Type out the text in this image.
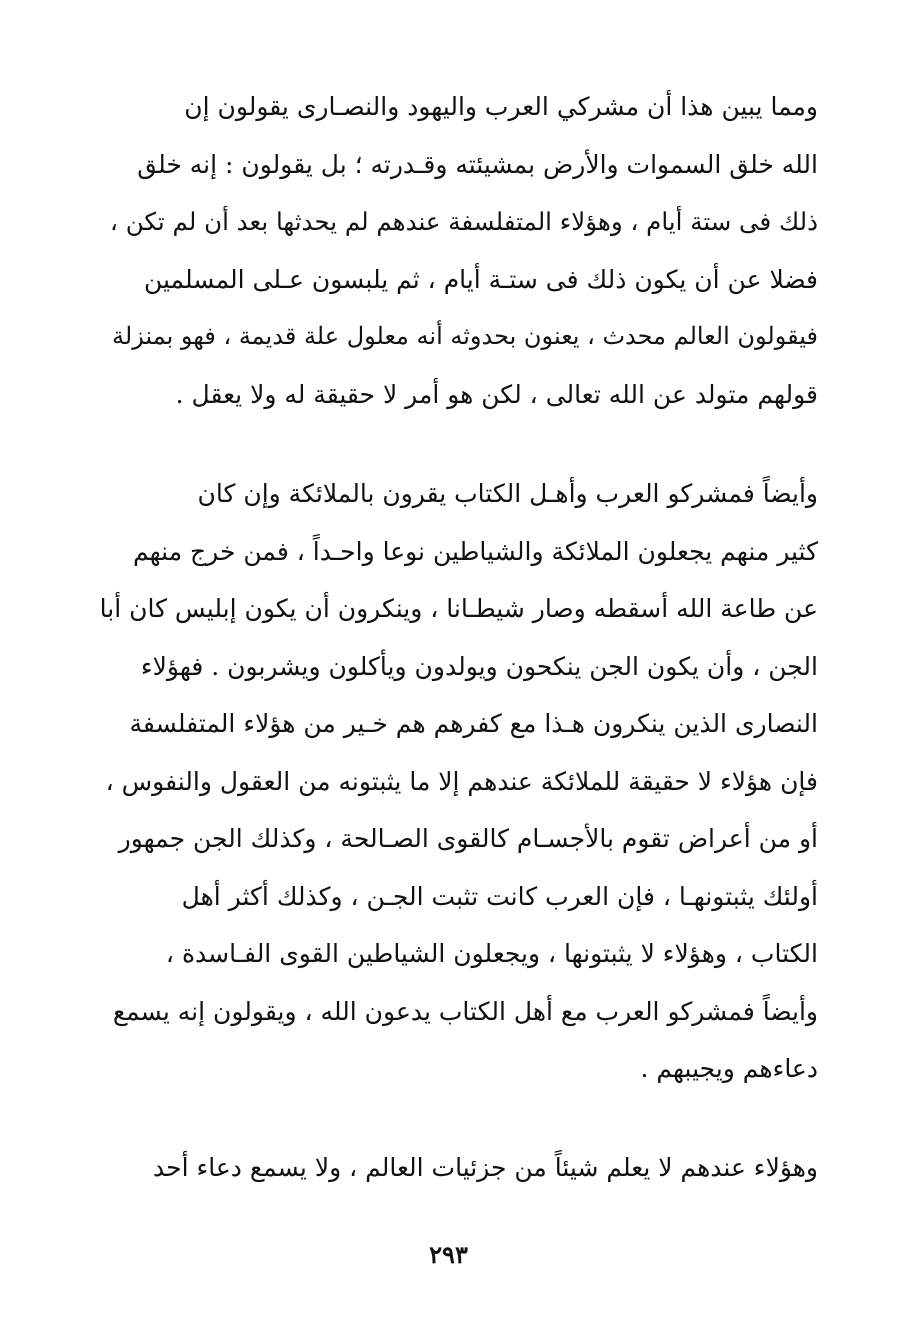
ومما يبين هذا أن مشركي العرب واليهود والنصـارى يقولون إن
الله خلق السموات والأرض بمشيئته وقـدرته ؛ بل يقولون : إنه خلق
ذلك فى ستة أيام ، وهؤلاء المتفلسفة عندهم لم يحدثها بعد أن لم تكن ،
فضلا عن أن يكون ذلك فى ستـة أيام ، ثم يلبسون عـلى المسلمين
فيقولون العالم محدث ، يعنون بحدوثه أنه معلول علة قديمة ، فهو بمنزلة
قولهم متولد عن الله تعالى ، لكن هو أمر لا حقيقة له ولا يعقل .
وأيضاً فمشركو العرب وأهـل الكتاب يقرون بالملائكة وإن كان
كثير منهم يجعلون الملائكة والشياطين نوعا واحـداً ، فمن خرج منهم
عن طاعة الله أسقطه وصار شيطـانا ، وينكرون أن يكون إبليس كان أبا
الجن ، وأن يكون الجن ينكحون ويولدون ويأكلون ويشربون . فهؤلاء
النصارى الذين ينكرون هـذا مع كفرهم هم خـير من هؤلاء المتفلسفة
فإن هؤلاء لا حقيقة للملائكة عندهم إلا ما يثبتونه من العقول والنفوس ،
أو من أعراض تقوم بالأجسـام كالقوى الصـالحة ، وكذلك الجن جمهور
أولئك يثبتونهـا ، فإن العرب كانت تثبت الجـن ، وكذلك أكثر أهل
الكتاب ، وهؤلاء لا يثبتونها ، ويجعلون الشياطين القوى الفـاسدة ،
وأيضاً فمشركو العرب مع أهل الكتاب يدعون الله ، ويقولون إنه يسمع
دعاءهم ويجيبهم .
وهؤلاء عندهم لا يعلم شيئاً من جزئيات العالم ، ولا يسمع دعاء أحد
٢٩٣
